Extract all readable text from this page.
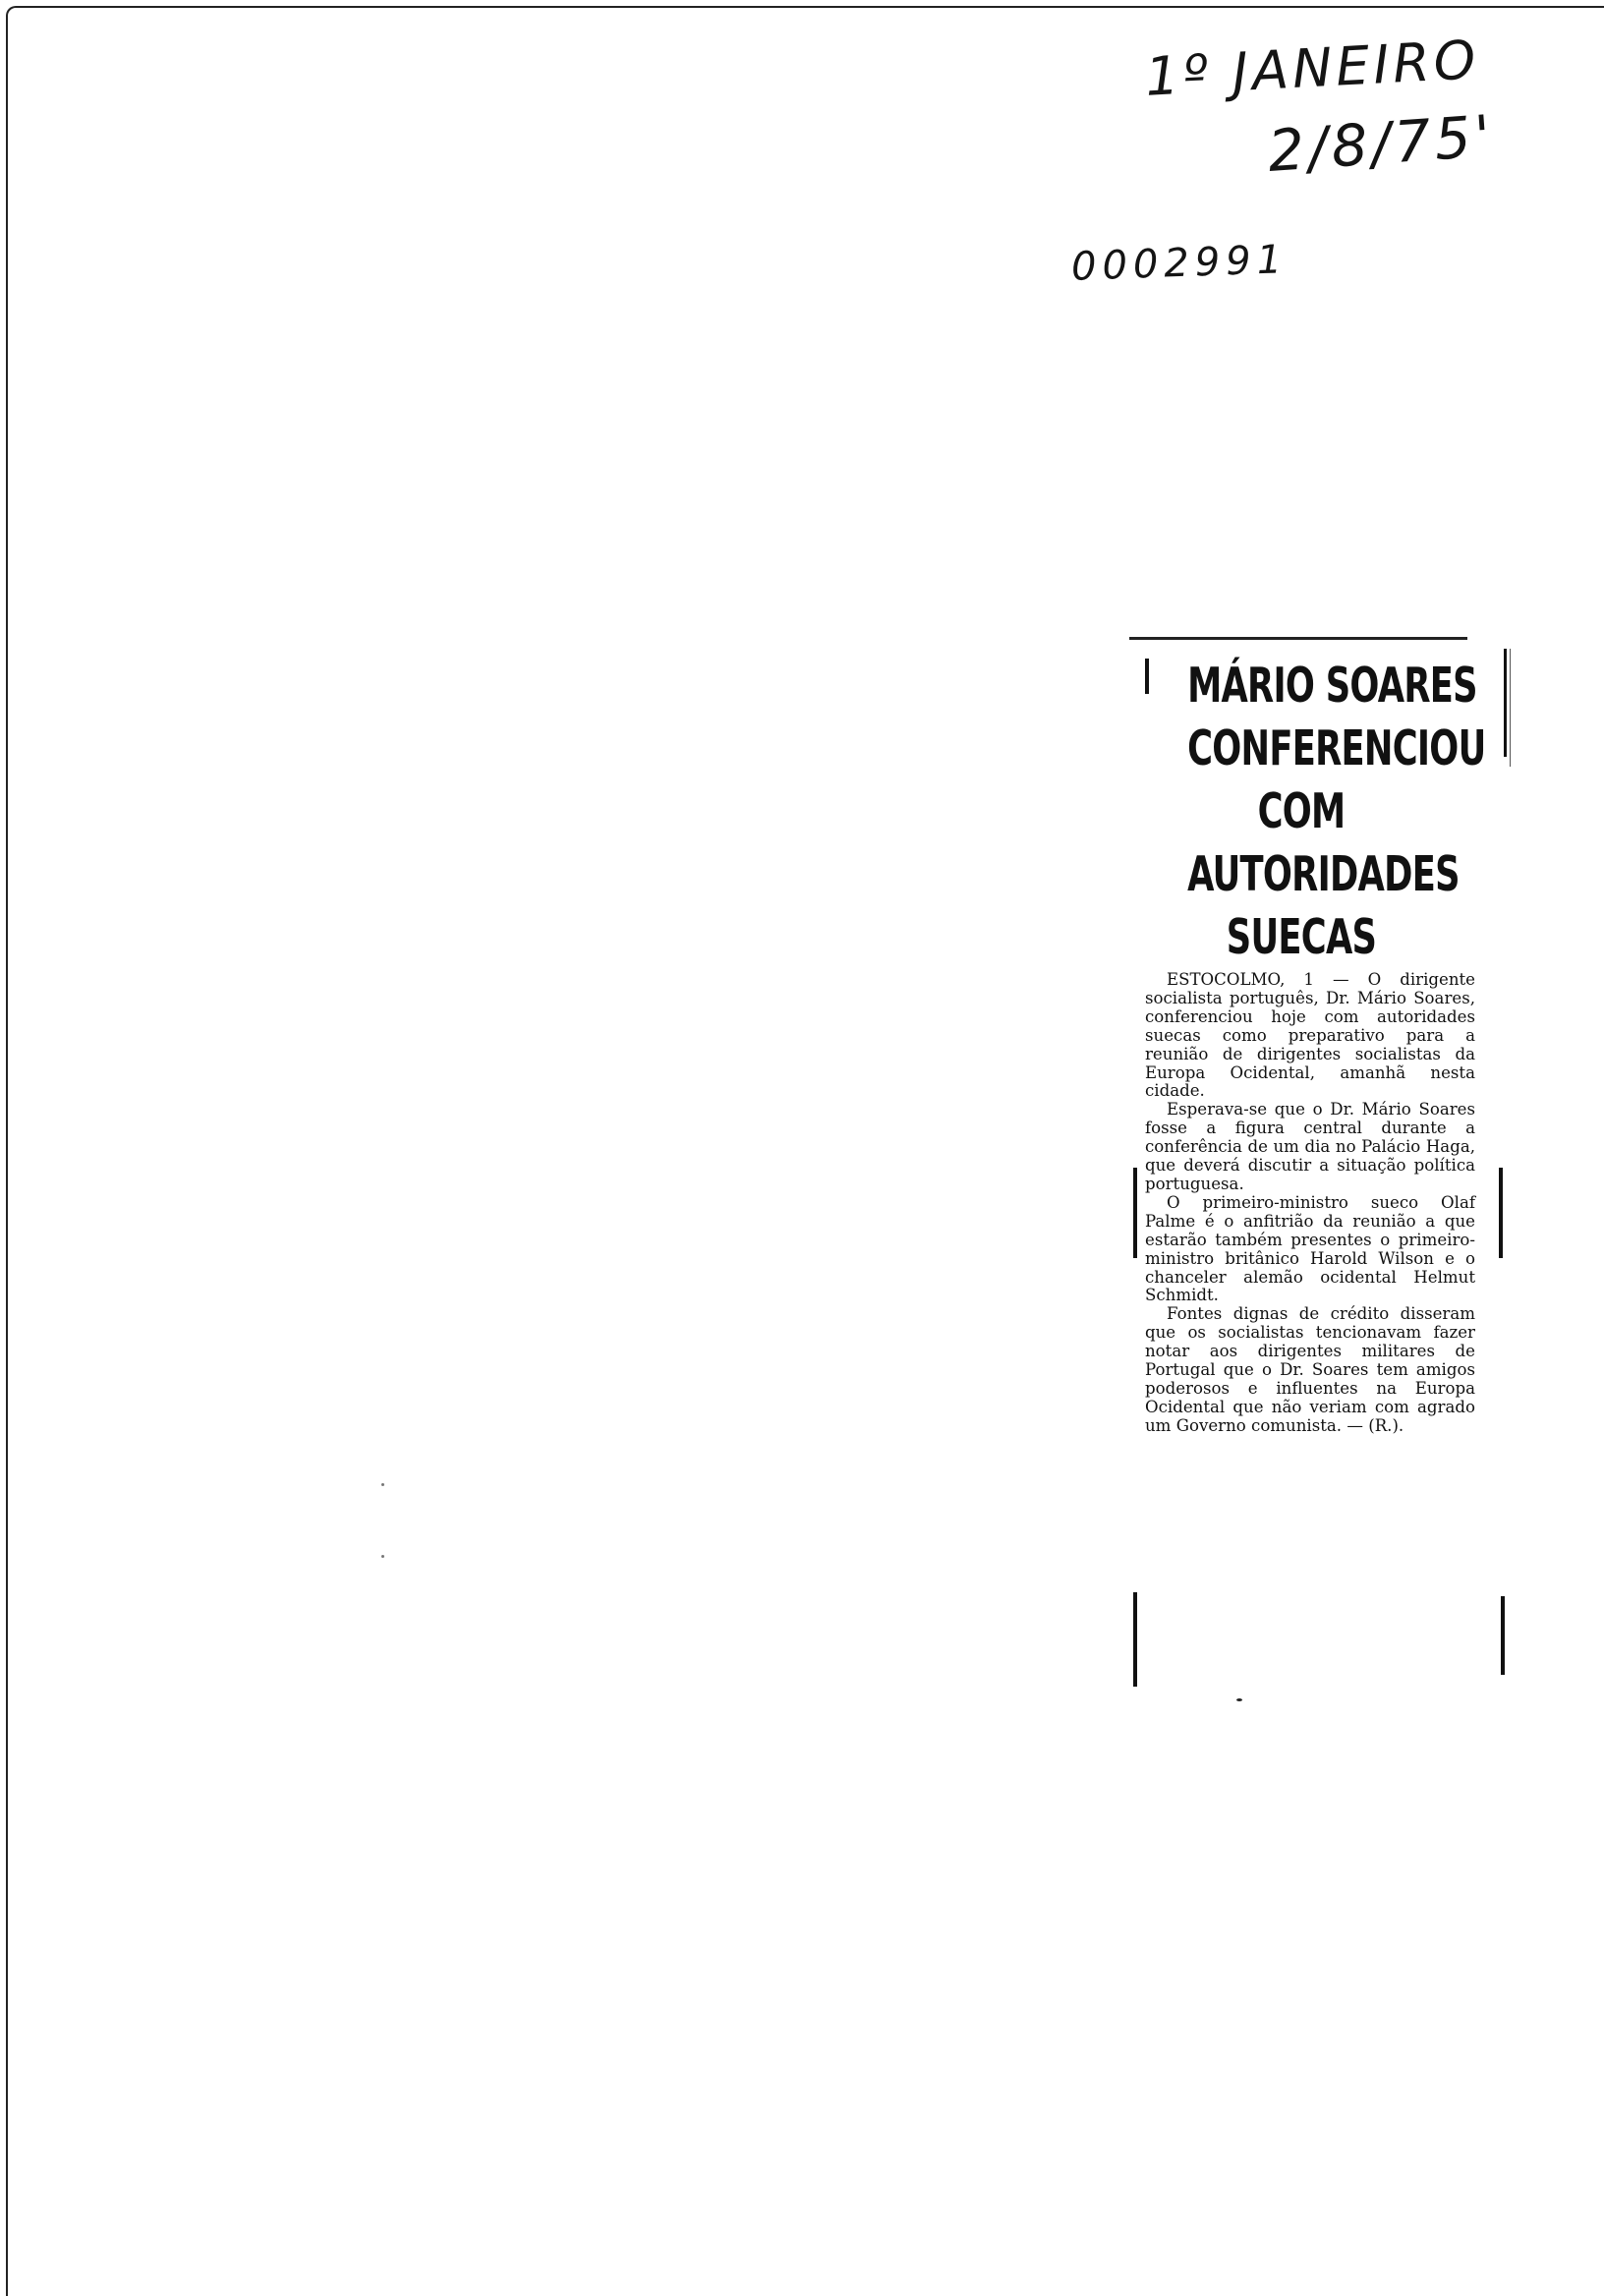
1º JANEIRO
2/8/75'
0002991
MÁRIO SOARES
CONFERENCIOU
COM
AUTORIDADES
SUECAS

ESTOCOLMO, 1 — O dirigente socialista português, Dr. Mário Soares, conferenciou hoje com autoridades suecas como preparativo para a reunião de dirigentes socialistas da Europa Ocidental, amanhã nesta cidade.

Esperava-se que o Dr. Mário Soares fosse a figura central durante a conferência de um dia no Palácio Haga, que deverá discutir a situação política portuguesa.

O primeiro-ministro sueco Olaf Palme é o anfitrião da reunião a que estarão também presentes o primeiro-ministro britânico Harold Wilson e o chanceler alemão ocidental Helmut Schmidt.

Fontes dignas de crédito disseram que os socialistas tencionavam fazer notar aos dirigentes militares de Portugal que o Dr. Soares tem amigos poderosos e influentes na Europa Ocidental que não veriam com agrado um Governo comunista. — (R.).
